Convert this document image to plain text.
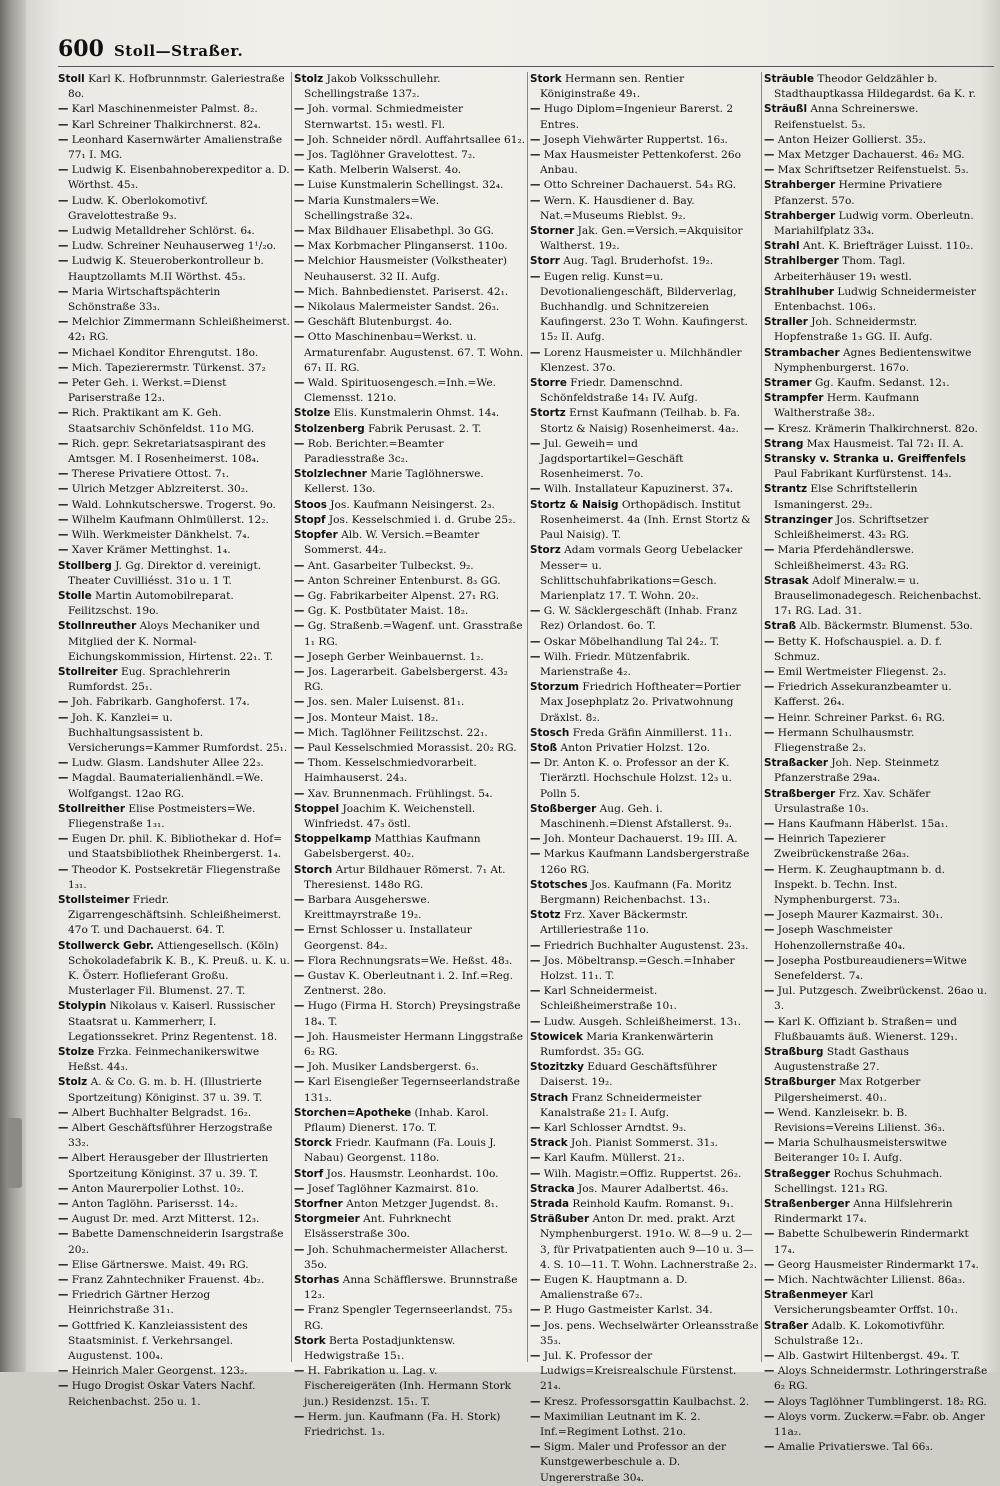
600 Stoll—Straßer.

Stoll Karl K. Hofbrunnmstr. Galeriestraße 8o.

— Karl Maschinenmeister Palmst. 8₂.

— Karl Schreiner Thalkirchnerst. 82₄.

— Leonhard Kasernwärter Amalienstraße 77₁ I. MG.

— Ludwig K. Eisenbahnoberexpeditor a. D. Wörthst. 45₃.

— Ludw. K. Oberlokomotivf. Gravelottestraße 9₃.

— Ludwig Metalldreher Schlörst. 6₄.

— Ludw. Schreiner Neuhauserweg 1¹/₂o.

— Ludwig K. Steueroberkontrolleur b. Hauptzollamts M.II Wörthst. 45₃.

— Maria Wirtschaftspächterin Schönstraße 33₃.

— Melchior Zimmermann Schleißheimerst. 42₁ RG.

— Michael Konditor Ehrengutst. 18o.

— Mich. Tapezierermstr. Türkenst. 37₂

— Peter Geh. i. Werkst.=Dienst Pariserstraße 12₃.

— Rich. Praktikant am K. Geh. Staatsarchiv Schönfeldst. 11o MG.

— Rich. gepr. Sekretariatsaspirant des Amtsger. M. I Rosenheimerst. 108₄.

— Therese Privatiere Ottost. 7₁.

— Ulrich Metzger Ablzreiterst. 30₂.

— Wald. Lohnkutscherswe. Trogerst. 9o.

— Wilhelm Kaufmann Ohlmüllerst. 12₂.

— Wilh. Werkmeister Dänkhelst. 7₄.

— Xaver Krämer Mettinghst. 1₄.

Stollberg J. Gg. Direktor d. vereinigt. Theater Cuvilliésst. 31o u. 1 T.

Stolle Martin Automobilreparat. Feilitzschst. 19o.

Stollnreuther Aloys Mechaniker und Mitglied der K. Normal-Eichungskommission, Hirtenst. 22₁. T.

Stollreiter Eug. Sprachlehrerin Rumfordst. 25₁.

— Joh. Fabrikarb. Ganghoferst. 17₄.

— Joh. K. Kanzlei= u. Buchhaltungsassistent b. Versicherungs=Kammer Rumfordst. 25₁.

— Ludw. Glasm. Landshuter Allee 22₃.

— Magdal. Baumaterialienhändl.=We. Wolfgangst. 12ao RG.

Stollreither Elise Postmeisters=We. Fliegenstraße 1₃₁.

— Eugen Dr. phil. K. Bibliothekar d. Hof= und Staatsbibliothek Rheinbergerst. 1₄.

— Theodor K. Postsekretär Fliegenstraße 1₃₁.

Stollsteimer Friedr. Zigarrengeschäftsinh. Schleißheimerst. 47o T. und Dachauerst. 64. T.

Stollwerck Gebr. Attiengesellsch. (Köln) Schokoladefabrik K. B., K. Preuß. u. K. u. K. Österr. Hoflieferant Großu. Musterlager Fil. Blumenst. 27. T.

Stolypin Nikolaus v. Kaiserl. Russischer Staatsrat u. Kammerherr, I. Legationssekret. Prinz Regentenst. 18.

Stolze Frzka. Feinmechanikerswitwe Heßst. 44₃.

Stolz A. & Co. G. m. b. H. (Illustrierte Sportzeitung) Königinst. 37 u. 39. T.

— Albert Buchhalter Belgradst. 16₂.

— Albert Geschäftsführer Herzogstraße 33₂.

— Albert Herausgeber der Illustrierten Sportzeitung Königinst. 37 u. 39. T.

— Anton Maurerpolier Lothst. 10₂.

— Anton Taglöhn. Parisersst. 14₂.

— August Dr. med. Arzt Mitterst. 12₃.

— Babette Damenschneiderin Isargstraße 20₂.

— Elise Gärtnerswe. Maist. 49₁ RG.

— Franz Zahntechniker Frauenst. 4b₂.

— Friedrich Gärtner Herzog Heinrichstraße 31₁.

— Gottfried K. Kanzleiassistent des Staatsminist. f. Verkehrsangel. Augustenst. 100₄.

— Heinrich Maler Georgenst. 123₂.

— Hugo Drogist Oskar Vaters Nachf. Reichenbachst. 25o u. 1.

Stolz Jakob Volksschullehr. Schellingstraße 137₂.

— Joh. vormal. Schmiedmeister Sternwartst. 15₁ westl. Fl.

— Joh. Schneider nördl. Auffahrtsallee 61₂.

— Jos. Taglöhner Gravelottest. 7₂.

— Kath. Melberin Walserst. 4o.

— Luise Kunstmalerin Schellingst. 32₄.

— Maria Kunstmalers=We. Schellingstraße 32₄.

— Max Bildhauer Elisabethpl. 3o GG.

— Max Korbmacher Plinganserst. 110o.

— Melchior Hausmeister (Volkstheater) Neuhauserst. 32 II. Aufg.

— Mich. Bahnbedienstet. Pariserst. 42₁.

— Nikolaus Malermeister Sandst. 26₃.

— Geschäft Blutenburgst. 4o.

— Otto Maschinenbau=Werkst. u. Armaturenfabr. Augustenst. 67. T. Wohn. 67₁ II. RG.

— Wald. Spirituosengesch.=Inh.=We. Clemensst. 121o.

Stolze Elis. Kunstmalerin Ohmst. 14₄.

Stolzenberg Fabrik Perusast. 2. T.

— Rob. Berichter.=Beamter Paradiesstraße 3c₂.

Stolzlechner Marie Taglöhnerswe. Kellerst. 13o.

Stoos Jos. Kaufmann Neisingerst. 2₃.

Stopf Jos. Kesselschmied i. d. Grube 25₂.

Stopfer Alb. W. Versich.=Beamter Sommerst. 44₂.

— Ant. Gasarbeiter Tulbeckst. 9₂.

— Anton Schreiner Entenburst. 8₃ GG.

— Gg. Fabrikarbeiter Alpenst. 27₁ RG.

— Gg. K. Postbütater Maist. 18₂.

— Gg. Straßenb.=Wagenf. unt. Grasstraße 1₁ RG.

— Joseph Gerber Weinbauernst. 1₂.

— Jos. Lagerarbeit. Gabelsbergerst. 43₂ RG.

— Jos. sen. Maler Luisenst. 81₁.

— Jos. Monteur Maist. 18₂.

— Mich. Taglöhner Feilitzschst. 22₁.

— Paul Kesselschmied Morassist. 20₂ RG.

— Thom. Kesselschmiedvorarbeit. Haimhauserst. 24₃.

— Xav. Brunnenmach. Frühlingst. 5₄.

Stoppel Joachim K. Weichenstell. Winfriedst. 47₃ östl.

Stoppelkamp Matthias Kaufmann Gabelsbergerst. 40₂.

Storch Artur Bildhauer Römerst. 7₁ At. Theresienst. 148o RG.

— Barbara Ausgeherswe. Kreittmayrstraße 19₂.

— Ernst Schlosser u. Installateur Georgenst. 84₂.

— Flora Rechnungsrats=We. Heßst. 48₃.

— Gustav K. Oberleutnant i. 2. Inf.=Reg. Zentnerst. 28o.

— Hugo (Firma H. Storch) Preysingstraße 18₄. T.

— Joh. Hausmeister Hermann Linggstraße 6₂ RG.

— Joh. Musiker Landsbergerst. 6₃.

— Karl Eisengießer Tegernseerlandstraße 131₃.

Storchen=Apotheke (Inhab. Karol. Pflaum) Dienerst. 17o. T.

Storck Friedr. Kaufmann (Fa. Louis J. Nabau) Georgenst. 118o.

Storf Jos. Hausmstr. Leonhardst. 10o.

— Josef Taglöhner Kazmairst. 81o.

Storfner Anton Metzger Jugendst. 8₁.

Storgmeier Ant. Fuhrknecht Elsässerstraße 30o.

— Joh. Schuhmachermeister Allacherst. 35o.

Storhas Anna Schäfflerswe. Brunnstraße 12₃.

— Franz Spengler Tegernseerlandst. 75₃ RG.

Stork Berta Postadjunktensw. Hedwigstraße 15₁.

— H. Fabrikation u. Lag. v. Fischereigeräten (Inh. Hermann Stork jun.) Residenzst. 15₁. T.

— Herm. jun. Kaufmann (Fa. H. Stork) Friedrichst. 1₃.

Stork Hermann sen. Rentier Königinstraße 49₁.

— Hugo Diplom=Ingenieur Barerst. 2 Entres.

— Joseph Viehwärter Ruppertst. 16₃.

— Max Hausmeister Pettenkoferst. 26o Anbau.

— Otto Schreiner Dachauerst. 54₃ RG.

— Wern. K. Hausdiener d. Bay. Nat.=Museums Rieblst. 9₂.

Storner Jak. Gen.=Versich.=Akquisitor Waltherst. 19₂.

Storr Aug. Tagl. Bruderhofst. 19₂.

— Eugen relig. Kunst=u. Devotionaliengeschäft, Bilderverlag, Buchhandlg. und Schnitzereien Kaufingerst. 23o T. Wohn. Kaufingerst. 15₂ II. Aufg.

— Lorenz Hausmeister u. Milchhändler Klenzest. 37o.

Storre Friedr. Damenschnd. Schönfeldstraße 14₁ IV. Aufg.

Stortz Ernst Kaufmann (Teilhab. b. Fa. Stortz & Naisig) Rosenheimerst. 4a₂.

— Jul. Geweih= und Jagdsportartikel=Geschäft Rosenheimerst. 7o.

— Wilh. Installateur Kapuzinerst. 37₄.

Stortz & Naisig Orthopädisch. Institut Rosenheimerst. 4a (Inh. Ernst Stortz & Paul Naisig). T.

Storz Adam vormals Georg Uebelacker Messer= u. Schlittschuhfabrikations=Gesch. Marienplatz 17. T. Wohn. 20₂.

— G. W. Säcklergeschäft (Inhab. Franz Rez) Orlandost. 6o. T.

— Oskar Möbelhandlung Tal 24₂. T.

— Wilh. Friedr. Mützenfabrik. Marienstraße 4₂.

Storzum Friedrich Hoftheater=Portier Max Josephplatz 2o. Privatwohnung Dräxlst. 8₂.

Stosch Freda Gräfin Ainmillerst. 11₁.

Stoß Anton Privatier Holzst. 12o.

— Dr. Anton K. o. Professor an der K. Tierärztl. Hochschule Holzst. 12₃ u. Polln 5.

Stoßberger Aug. Geh. i. Maschinenh.=Dienst Afstallerst. 9₃.

— Joh. Monteur Dachauerst. 19₂ III. A.

— Markus Kaufmann Landsbergerstraße 126o RG.

Stotsches Jos. Kaufmann (Fa. Moritz Bergmann) Reichenbachst. 13₁.

Stotz Frz. Xaver Bäckermstr. Artilleriestraße 11o.

— Friedrich Buchhalter Augustenst. 23₃.

— Jos. Möbeltransp.=Gesch.=Inhaber Holzst. 11₁. T.

— Karl Schneidermeist. Schleißheimerstraße 10₁.

— Ludw. Ausgeh. Schleißheimerst. 13₁.

Stowicek Maria Krankenwärterin Rumfordst. 35₂ GG.

Stozitzky Eduard Geschäftsführer Daiserst. 19₂.

Strach Franz Schneidermeister Kanalstraße 21₂ I. Aufg.

— Karl Schlosser Arndtst. 9₃.

Strack Joh. Pianist Sommerst. 31₃.

— Karl Kaufm. Müllerst. 21₂.

— Wilh. Magistr.=Offiz. Ruppertst. 26₂.

Stracka Jos. Maurer Adalbertst. 46₃.

Strada Reinhold Kaufm. Romanst. 9₁.

Sträßuber Anton Dr. med. prakt. Arzt Nymphenburgerst. 191o. W. 8—9 u. 2—3, für Privatpatienten auch 9—10 u. 3—4. S. 10—11. T. Wohn. Lachnerstraße 2₂.

— Eugen K. Hauptmann a. D. Amalienstraße 67₂.

— P. Hugo Gastmeister Karlst. 34.

— Jos. pens. Wechselwärter Orleansstraße 35₃.

— Jul. K. Professor der Ludwigs=Kreisrealschule Fürstenst. 21₄.

— Kresz. Professorsgattin Kaulbachst. 2.

— Maximilian Leutnant im K. 2. Inf.=Regiment Lothst. 21o.

— Sigm. Maler und Professor an der Kunstgewerbeschule a. D. Ungererstraße 30₄.

Sträuble Theodor Geldzähler b. Stadthauptkassa Hildegardst. 6a K. r.

Sträußl Anna Schreinerswe. Reifenstuelst. 5₃.

— Anton Heizer Gollierst. 35₂.

— Max Metzger Dachauerst. 46₂ MG.

— Max Schriftsetzer Reifenstuelst. 5₃.

Strahberger Hermine Privatiere Pfanzerst. 57o.

Strahberger Ludwig vorm. Oberleutn. Mariahilfplatz 33₄.

Strahl Ant. K. Briefträger Luisst. 110₂.

Strahlberger Thom. Tagl. Arbeiterhäuser 19₁ westl.

Strahlhuber Ludwig Schneidermeister Entenbachst. 106₃.

Straller Joh. Schneidermstr. Hopfenstraße 1₃ GG. II. Aufg.

Strambacher Agnes Bedientenswitwe Nymphenburgerst. 167o.

Stramer Gg. Kaufm. Sedanst. 12₁.

Strampfer Herm. Kaufmann Waltherstraße 38₂.

— Kresz. Krämerin Thalkirchnerst. 82o.

Strang Max Hausmeist. Tal 72₁ II. A.

Stransky v. Stranka u. Greiffenfels Paul Fabrikant Kurfürstenst. 14₃.

Strantz Else Schriftstellerin Ismaningerst. 29₂.

Stranzinger Jos. Schriftsetzer Schleißheimerst. 43₂ RG.

— Maria Pferdehändlerswe. Schleißheimerst. 43₂ RG.

Strasak Adolf Mineralw.= u. Brauselimonadegesch. Reichenbachst. 17₁ RG. Lad. 31.

Straß Alb. Bäckermstr. Blumenst. 53o.

— Betty K. Hofschauspiel. a. D. f. Schmuz.

— Emil Wertmeister Fliegenst. 2₃.

— Friedrich Assekuranzbeamter u. Kafferst. 26₄.

— Heinr. Schreiner Parkst. 6₁ RG.

— Hermann Schulhausmstr. Fliegenstraße 2₃.

Straßacker Joh. Nep. Steinmetz Pfanzerstraße 29a₄.

Straßberger Frz. Xav. Schäfer Ursulastraße 10₃.

— Hans Kaufmann Häberlst. 15a₁.

— Heinrich Tapezierer Zweibrückenstraße 26a₃.

— Herm. K. Zeughauptmann b. d. Inspekt. b. Techn. Inst. Nymphenburgerst. 73₃.

— Joseph Maurer Kazmairst. 30₁.

— Joseph Waschmeister Hohenzollernstraße 40₄.

— Josepha Postbureaudieners=Witwe Senefelderst. 7₄.

— Jul. Putzgesch. Zweibrückenst. 26ao u. 3.

— Karl K. Offiziant b. Straßen= und Flußbauamts äuß. Wienerst. 129₁.

Straßburg Stadt Gasthaus Augustenstraße 27.

Straßburger Max Rotgerber Pilgersheimerst. 40₁.

— Wend. Kanzleisekr. b. B. Revisions=Vereins Lilienst. 36₃.

— Maria Schulhausmeisterswitwe Beiteranger 10₂ I. Aufg.

Straßegger Rochus Schuhmach. Schellingst. 121₃ RG.

Straßenberger Anna Hilfslehrerin Rindermarkt 17₄.

— Babette Schulbewerin Rindermarkt 17₄.

— Georg Hausmeister Rindermarkt 17₄.

— Mich. Nachtwächter Lilienst. 86a₃.

Straßenmeyer Karl Versicherungsbeamter Orffst. 10₁.

Straßer Adalb. K. Lokomotivführ. Schulstraße 12₁.

— Alb. Gastwirt Hiltenbergst. 49₄. T.

— Aloys Schneidermstr. Lothringerstraße 6₂ RG.

— Aloys Taglöhner Tumblingerst. 18₂ RG.

— Aloys vorm. Zuckerw.=Fabr. ob. Anger 11a₂.

— Amalie Privatierswe. Tal 66₃.
